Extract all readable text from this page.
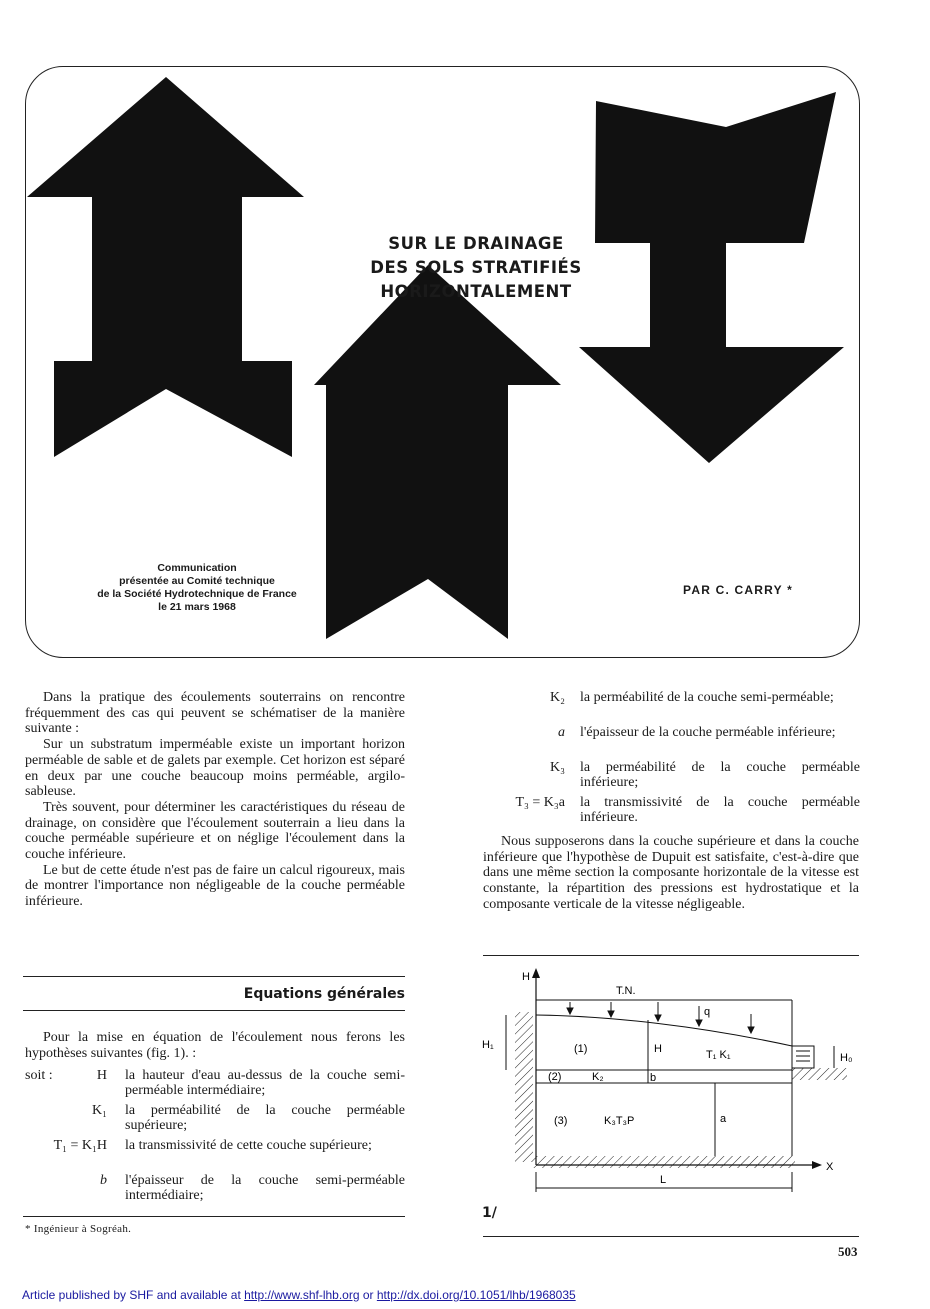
SUR LE DRAINAGE
DES SOLS STRATIFIÉS
HORIZONTALEMENT
Communication
présentée au Comité technique
de la Société Hydrotechnique de France
le 21 mars 1968
PAR C. CARRY *

Dans la pratique des écoulements souterrains on rencontre fréquemment des cas qui peuvent se schématiser de la manière suivante :

Sur un substratum imperméable existe un important horizon perméable de sable et de galets par exemple. Cet horizon est séparé en deux par une couche beaucoup moins perméable, argilo-sableuse.

Très souvent, pour déterminer les caractéristiques du réseau de drainage, on considère que l'écoulement souterrain a lieu dans la couche perméable supérieure et on néglige l'écoulement dans la couche inférieure.

Le but de cette étude n'est pas de faire un calcul rigoureux, mais de montrer l'importance non négligeable de la couche perméable inférieure.

Equations générales

Pour la mise en équation de l'écoulement nous ferons les hypothèses suivantes (fig. 1). :

soit :	H la hauteur d'eau au-dessus de la couche semi-perméable intermédiaire;
K₁ la perméabilité de la couche perméable supérieure;
T₁ = K₁H la transmissivité de cette couche supérieure;
b l'épaisseur de la couche semi-perméable intermédiaire;
* Ingénieur à Sogréah.
K₂ la perméabilité de la couche semi-perméable;
a l'épaisseur de la couche perméable inférieure;
K₃ la perméabilité de la couche perméable inférieure;
T₃ = K₃a la transmissivité de la couche perméable inférieure.

Nous supposerons dans la couche supérieure et dans la couche inférieure que l'hypothèse de Dupuit est satisfaite, c'est-à-dire que dans une même section la composante horizontale de la vitesse est constante, la répartition des pressions est hydrostatique et la composante verticale de la vitesse négligeable.

H
X
T.N.
q
H₁	H
(1)	T₁ K₁	H₀
(2)	K₂	b
(3)	K₃T₃P	a
L
1/
503
Article published by SHF and available at http://www.shf-lhb.org or http://dx.doi.org/10.1051/lhb/1968035
